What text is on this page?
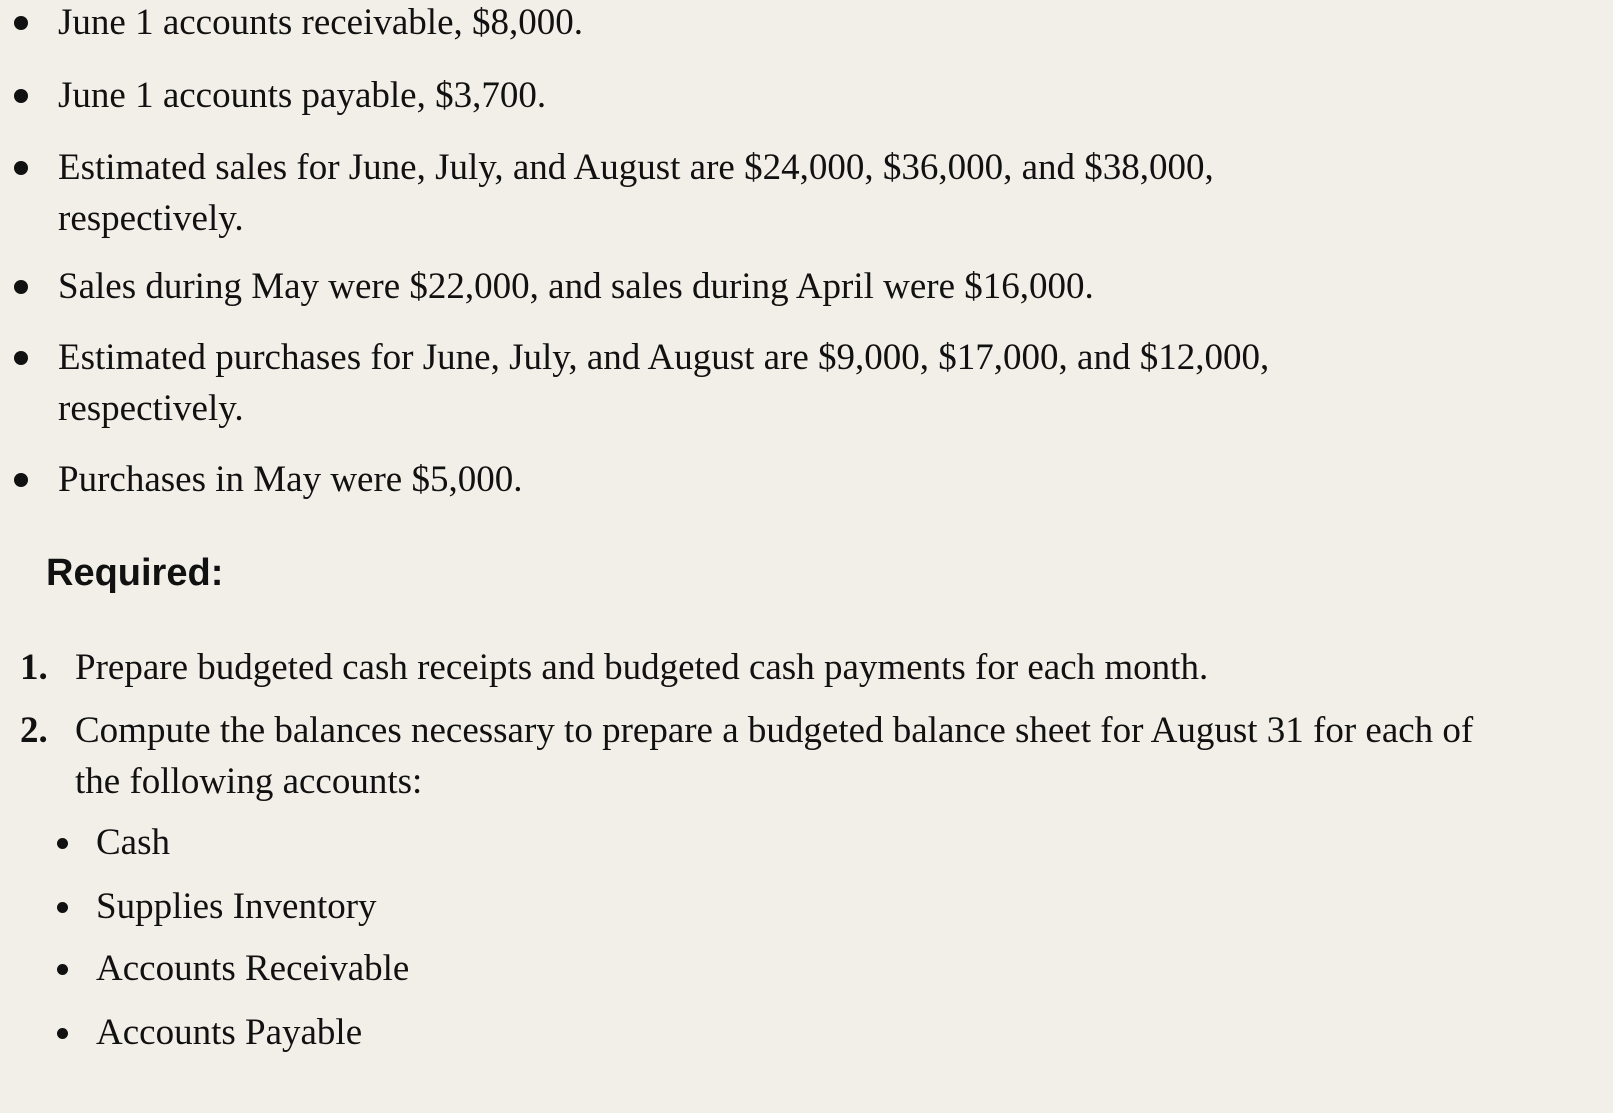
June 1 accounts receivable, $8,000.
June 1 accounts payable, $3,700.
Estimated sales for June, July, and August are $24,000, $36,000, and $38,000, respectively.
Sales during May were $22,000, and sales during April were $16,000.
Estimated purchases for June, July, and August are $9,000, $17,000, and $12,000, respectively.
Purchases in May were $5,000.
Required:
1. Prepare budgeted cash receipts and budgeted cash payments for each month.
2. Compute the balances necessary to prepare a budgeted balance sheet for August 31 for each of the following accounts:
Cash
Supplies Inventory
Accounts Receivable
Accounts Payable
